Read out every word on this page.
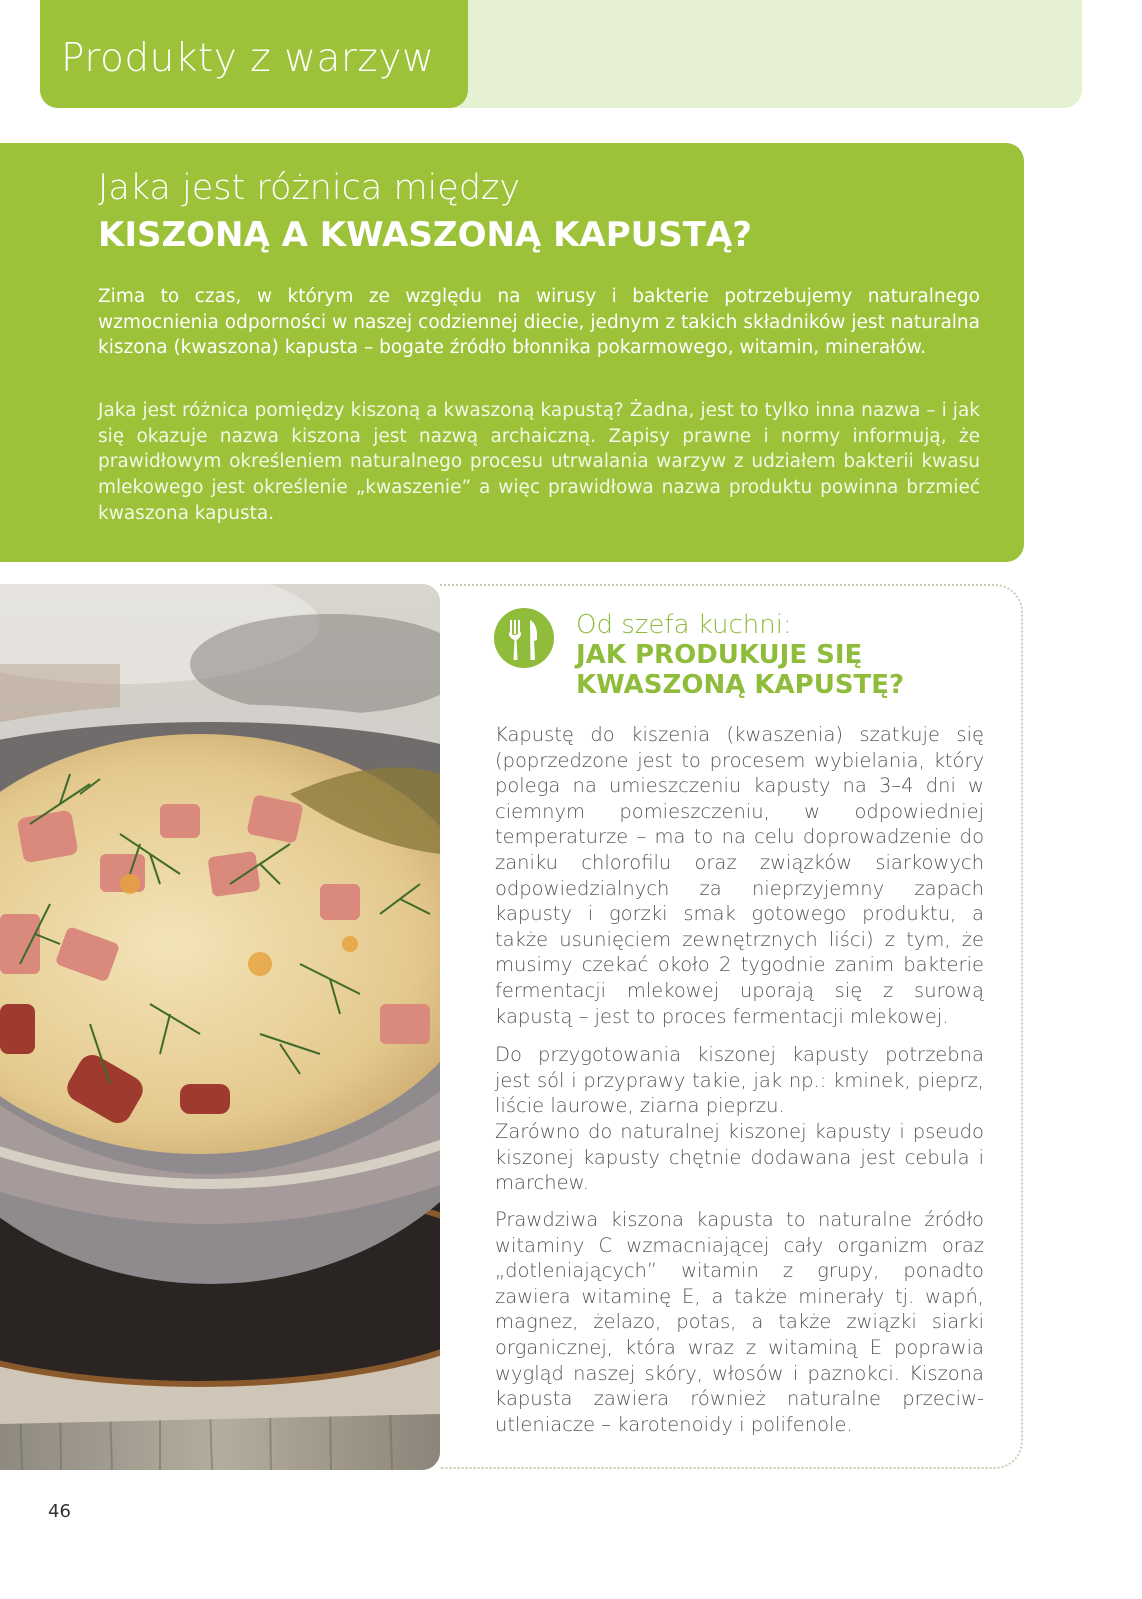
Produkty z warzyw
Jaka jest różnica między
KISZONĄ A KWASZONĄ KAPUSTĄ?

Zima to czas, w którym ze względu na wirusy i bakterie potrzebujemy naturalnego wzmocnienia odporności w naszej codziennej diecie, jednym z takich składników jest naturalna kiszona (kwaszona) kapusta – bogate źródło błonnika pokarmowego, witamin, minerałów.

Jaka jest różnica pomiędzy kiszoną a kwaszoną kapustą? Żadna, jest to tylko inna nazwa – i jak się okazuje nazwa kiszona jest nazwą archaiczną. Zapisy prawne i normy informują, że prawidłowym określeniem naturalnego procesu utrwalania warzyw z udziałem bakterii kwasu mlekowego jest określenie „kwaszenie” a więc prawidłowa nazwa produktu powinna brzmieć kwaszona kapusta.

Od szefa kuchni:
JAK PRODUKUJE SIĘ
KWASZONĄ KAPUSTĘ?

Kapustę do kiszenia (kwaszenia) szatkuje się (poprzedzone jest to procesem wybielania, który polega na umieszczeniu kapusty na 3–4 dni w ciemnym pomieszczeniu, w odpowiedniej temperaturze – ma to na celu doprowadzenie do zaniku chlorofilu oraz związków siarkowych odpowiedzialnych za nieprzyjemny zapach kapusty i gorzki smak gotowego produktu, a także usunięciem zewnętrznych liści) z tym, że musimy czekać około 2 tygodnie zanim bakterie fermentacji mlekowej uporają się z surową kapustą – jest to proces fermentacji mlekowej.

Do przygotowania kiszonej kapusty potrzebna jest sól i przyprawy takie, jak np.: kminek, pieprz, liście laurowe, ziarna pieprzu.

Zarówno do naturalnej kiszonej kapusty i pseudo kiszonej kapusty chętnie dodawana jest cebula i marchew.

Prawdziwa kiszona kapusta to naturalne źródło witaminy C wzmacniającej cały organizm oraz „dotleniających” witamin z grupy, ponadto zawiera witaminę E, a także minerały tj. wapń, magnez, żelazo, potas, a także związki siarki organicznej, która wraz z witaminą E poprawia wygląd naszej skóry, włosów i paznokci. Kiszona kapusta zawiera również naturalne przeciw-utleniacze – karotenoidy i polifenole.

46
